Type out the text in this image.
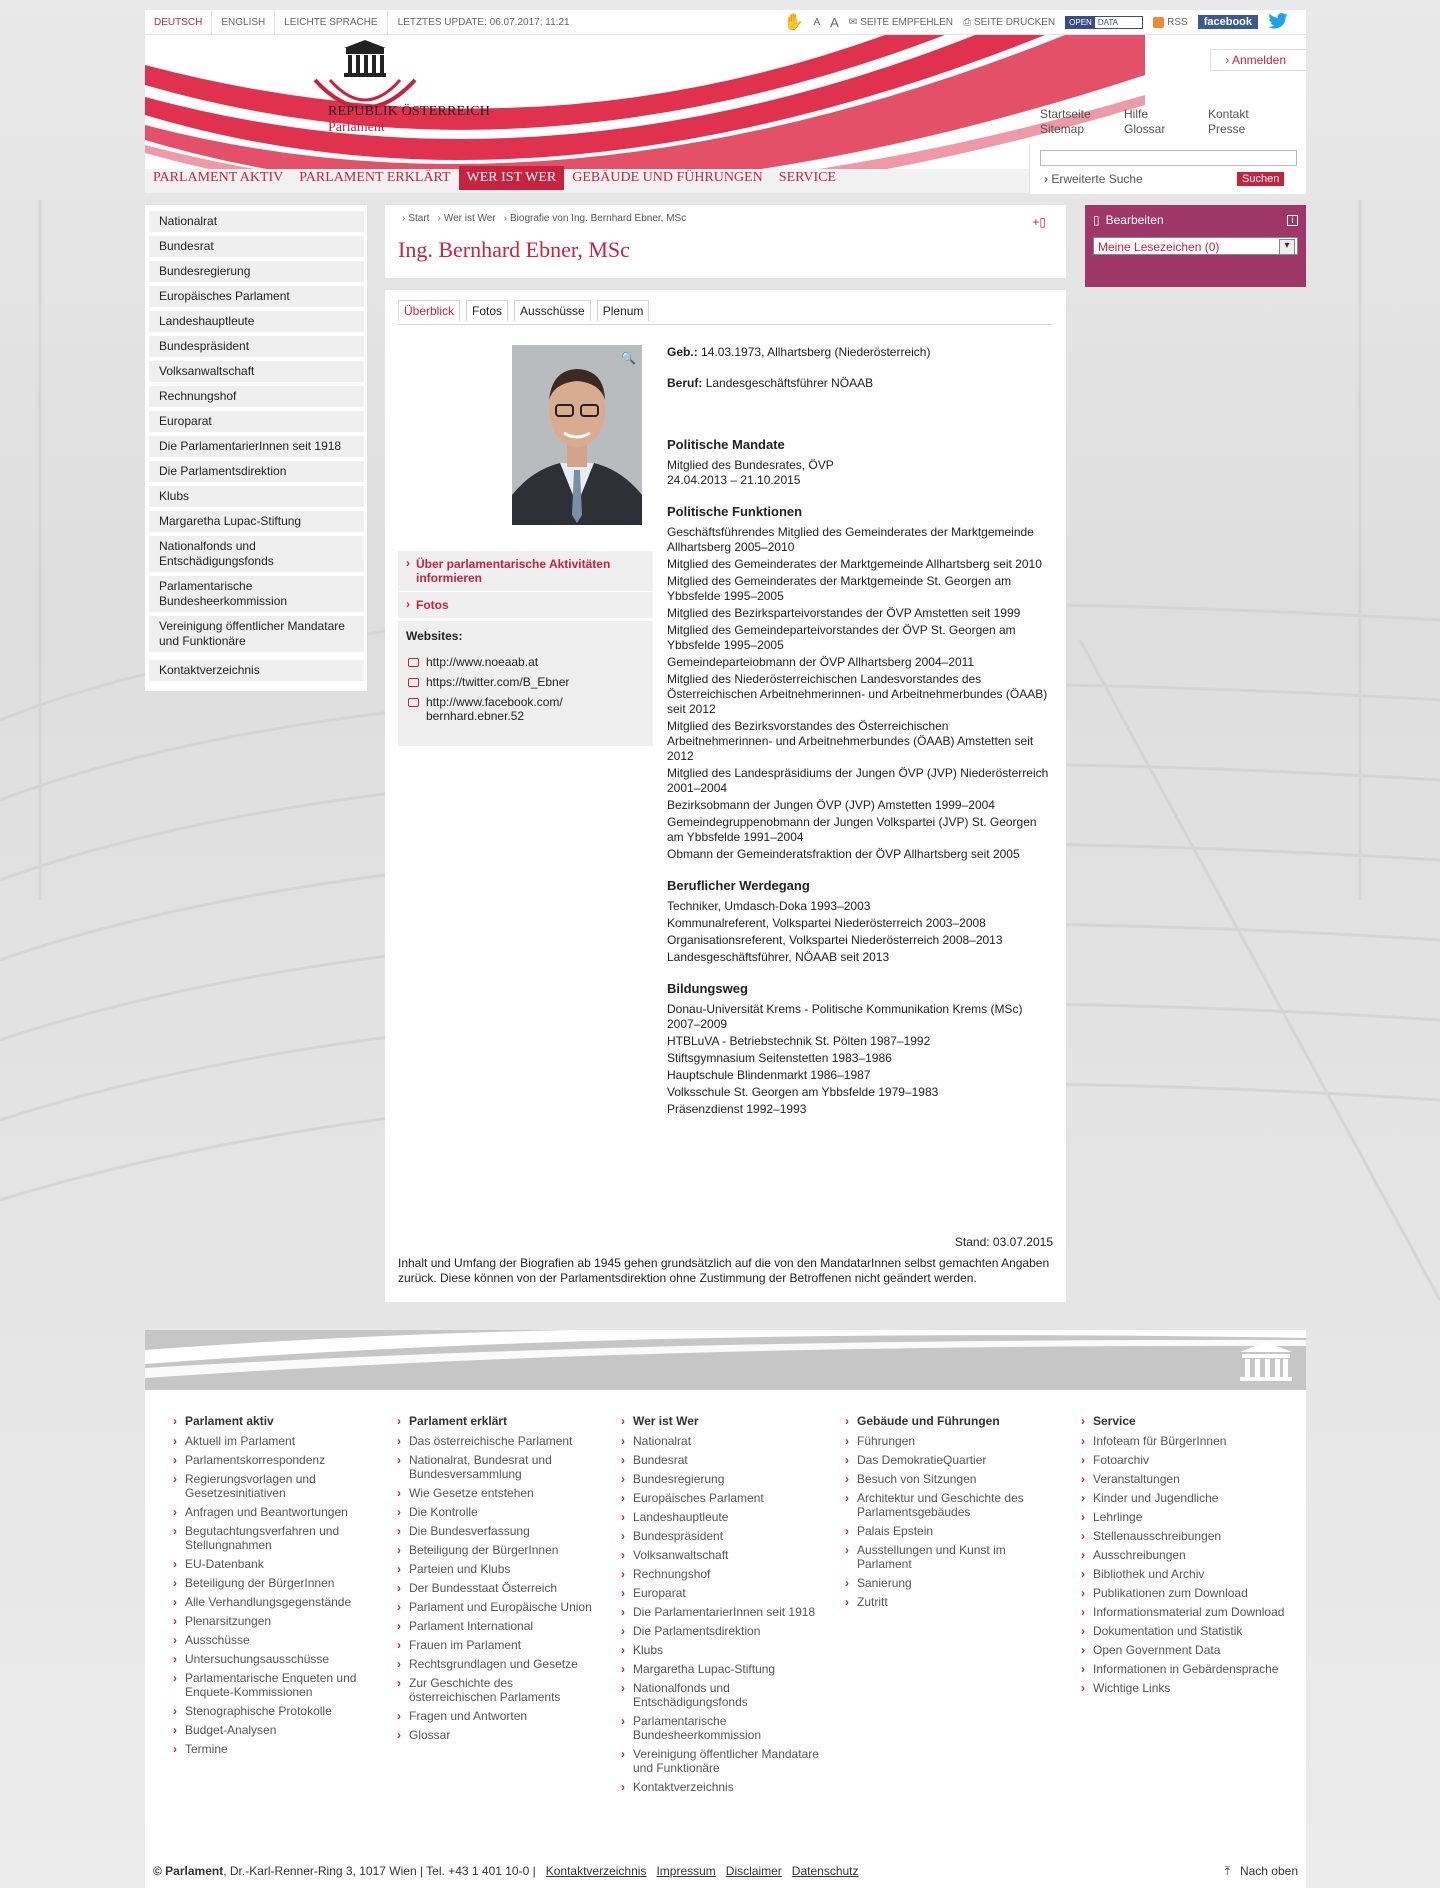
DEUTSCH	ENGLISH	LEICHTE SPRACHE	LETZTES UPDATE: 06.07.2017; 11:21	✋ A A ✉ SEITE EMPFEHLEN ⎙ SEITE DRUCKEN	OPEN DATA	RSS	facebook
REPUBLIK ÖSTERREICH
Parlament
› Anmelden
Startseite	Hilfe	Kontakt
Sitemap	Glossar	Presse
PARLAMENT AKTIV	PARLAMENT ERKLÄRT	WER IST WER	GEBÄUDE UND FÜHRUNGEN	SERVICE	› Erweiterte Suche	Suchen
Nationalrat
Bundesrat
Bundesregierung
Europäisches Parlament
Landeshauptleute
Bundespräsident
Volksanwaltschaft
Rechnungshof
Europarat
Die ParlamentarierInnen seit 1918
Die Parlamentsdirektion
Klubs
Margaretha Lupac-Stiftung
Nationalfonds und Entschädigungsfonds
Parlamentarische Bundesheerkommission
Vereinigung öffentlicher Mandatare und Funktionäre
Kontaktverzeichnis
› Start	› Wer ist Wer	› Biografie von Ing. Bernhard Ebner, MSc
Ing. Bernhard Ebner, MSc
+▯
Überblick	Fotos	Ausschüsse	Plenum
🔍
› Über parlamentarische Aktivitäten informieren
› Fotos
Websites:
http://www.noeaab.at
https://twitter.com/B_Ebner
http://www.facebook.com/ bernhard.ebner.52

Geb.: 14.03.1973, Allhartsberg (Niederösterreich)

Beruf: Landesgeschäftsführer NÖAAB

Politische Mandate

Mitglied des Bundesrates, ÖVP 24.04.2013 – 21.10.2015

Politische Funktionen

Geschäftsführendes Mitglied des Gemeinderates der Marktgemeinde Allhartsberg 2005–2010

Mitglied des Gemeinderates der Marktgemeinde Allhartsberg seit 2010

Mitglied des Gemeinderates der Marktgemeinde St. Georgen am Ybbsfelde 1995–2005

Mitglied des Bezirksparteivorstandes der ÖVP Amstetten seit 1999

Mitglied des Gemeindeparteivorstandes der ÖVP St. Georgen am Ybbsfelde 1995–2005

Gemeindeparteiobmann der ÖVP Allhartsberg 2004–2011

Mitglied des Niederösterreichischen Landesvorstandes des Österreichischen Arbeitnehmerinnen- und Arbeitnehmerbundes (ÖAAB) seit 2012

Mitglied des Bezirksvorstandes des Österreichischen Arbeitnehmerinnen- und Arbeitnehmerbundes (ÖAAB) Amstetten seit 2012

Mitglied des Landespräsidiums der Jungen ÖVP (JVP) Niederösterreich 2001–2004

Bezirksobmann der Jungen ÖVP (JVP) Amstetten 1999–2004

Gemeindegruppenobmann der Jungen Volkspartei (JVP) St. Georgen am Ybbsfelde 1991–2004

Obmann der Gemeinderatsfraktion der ÖVP Allhartsberg seit 2005

Beruflicher Werdegang

Techniker, Umdasch-Doka 1993–2003

Kommunalreferent, Volkspartei Niederösterreich 2003–2008

Organisationsreferent, Volkspartei Niederösterreich 2008–2013

Landesgeschäftsführer, NÖAAB seit 2013

Bildungsweg

Donau-Universität Krems - Politische Kommunikation Krems (MSc) 2007–2009

HTBLuVA - Betriebstechnik St. Pölten 1987–1992

Stiftsgymnasium Seitenstetten 1983–1986

Hauptschule Blindenmarkt 1986–1987

Volksschule St. Georgen am Ybbsfelde 1979–1983

Präsenzdienst 1992–1993

Stand: 03.07.2015
Inhalt und Umfang der Biografien ab 1945 gehen grundsätzlich auf die von den MandatarInnen selbst gemachten Angaben zurück. Diese können von der Parlamentsdirektion ohne Zustimmung der Betroffenen nicht geändert werden.
▯ Bearbeiten	i
Meine Lesezeichen (0) ▾
› Parlament aktiv
› Aktuell im Parlament
› Parlamentskorrespondenz
› Regierungsvorlagen und Gesetzesinitiativen
› Anfragen und Beantwortungen
› Begutachtungsverfahren und Stellungnahmen
› EU-Datenbank
› Beteiligung der BürgerInnen
› Alle Verhandlungsgegenstände
› Plenarsitzungen
› Ausschüsse
› Untersuchungsausschüsse
› Parlamentarische Enqueten und Enquete-Kommissionen
› Stenographische Protokolle
› Budget-Analysen
› Termine
› Parlament erklärt
› Das österreichische Parlament
› Nationalrat, Bundesrat und Bundesversammlung
› Wie Gesetze entstehen
› Die Kontrolle
› Die Bundesverfassung
› Beteiligung der BürgerInnen
› Parteien und Klubs
› Der Bundesstaat Österreich
› Parlament und Europäische Union
› Parlament International
› Frauen im Parlament
› Rechtsgrundlagen und Gesetze
› Zur Geschichte des österreichischen Parlaments
› Fragen und Antworten
› Glossar
› Wer ist Wer
› Nationalrat
› Bundesrat
› Bundesregierung
› Europäisches Parlament
› Landeshauptleute
› Bundespräsident
› Volksanwaltschaft
› Rechnungshof
› Europarat
› Die ParlamentarierInnen seit 1918
› Die Parlamentsdirektion
› Klubs
› Margaretha Lupac-Stiftung
› Nationalfonds und Entschädigungsfonds
› Parlamentarische Bundesheerkommission
› Vereinigung öffentlicher Mandatare und Funktionäre
› Kontaktverzeichnis
› Gebäude und Führungen
› Führungen
› Das DemokratieQuartier
› Besuch von Sitzungen
› Architektur und Geschichte des Parlamentsgebäudes
› Palais Epstein
› Ausstellungen und Kunst im Parlament
› Sanierung
› Zutritt
› Service
› Infoteam für BürgerInnen
› Fotoarchiv
› Veranstaltungen
› Kinder und Jugendliche
› Lehrlinge
› Stellenausschreibungen
› Ausschreibungen
› Bibliothek und Archiv
› Publikationen zum Download
› Informationsmaterial zum Download
› Dokumentation und Statistik
› Open Government Data
› Informationen in Gebärdensprache
› Wichtige Links
© Parlament, Dr.-Karl-Renner-Ring 3, 1017 Wien | Tel. +43 1 401 10-0 | Kontaktverzeichnis Impressum Disclaimer Datenschutz	⤒ Nach oben
